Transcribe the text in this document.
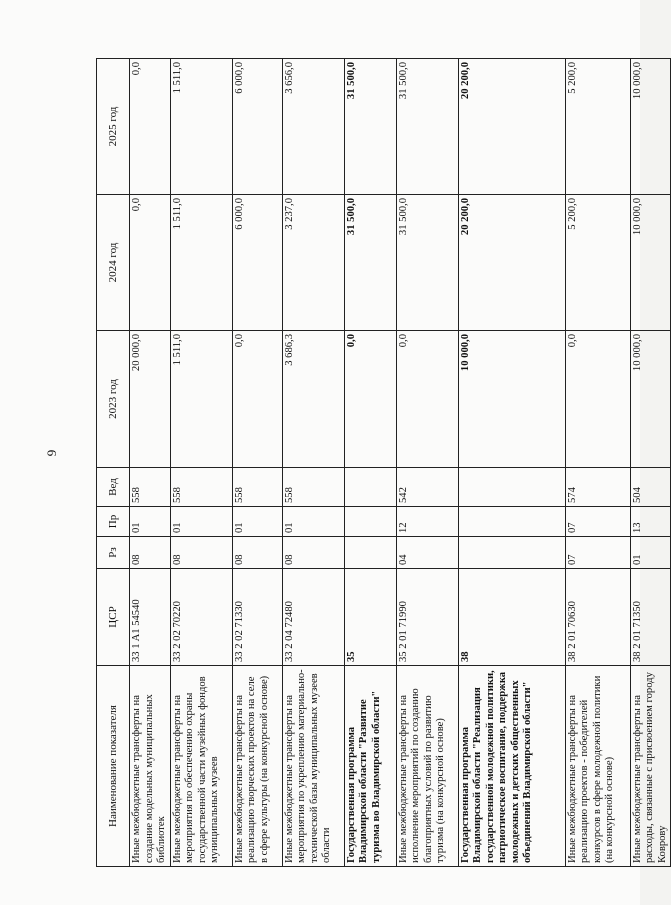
9
Наименование показателя	ЦСР	Рз	Пр	Вед	2023 год	2024 год	2025 год
Иные межбюджетные трансферты на создание модельных муниципальных библиотек	33 1 A1 54540	08	01	558	20 000,0	0,0	0,0
Иные межбюджетные трансферты на мероприятия по обеспечению охраны государственной части музейных фондов муниципальных музеев	33 2 02 70220	08	01	558	1 511,0	1 511,0	1 511,0
Иные межбюджетные трансферты на реализацию творческих проектов на селе в сфере культуры (на конкурсной основе)	33 2 02 71330	08	01	558	0,0	6 000,0	6 000,0
Иные межбюджетные трансферты на мероприятия по укреплению материально-технической базы муниципальных музеев области	33 2 04 72480	08	01	558	3 686,3	3 237,0	3 656,0
Государственная программа Владимирской области "Развитие туризма во Владимирской области"	35				0,0	31 500,0	31 500,0
Иные межбюджетные трансферты на исполнение мероприятий по созданию благоприятных условий по развитию туризма (на конкурсной основе)	35 2 01 71990	04	12	542	0,0	31 500,0	31 500,0
Государственная программа Владимирской области "Реализация государственной молодежной политики, патриотическое воспитание, поддержка молодежных и детских общественных объединений Владимирской области"	38				10 000,0	20 200,0	20 200,0
Иные межбюджетные трансферты на реализацию проектов - победителей конкурсов в сфере молодежной политики (на конкурсной основе)	38 2 01 70630	07	07	574	0,0	5 200,0	5 200,0
Иные межбюджетные трансферты на расходы, связанные с присвоением городу Коврову	38 2 01 71350	01	13	504	10 000,0	10 000,0	10 000,0
